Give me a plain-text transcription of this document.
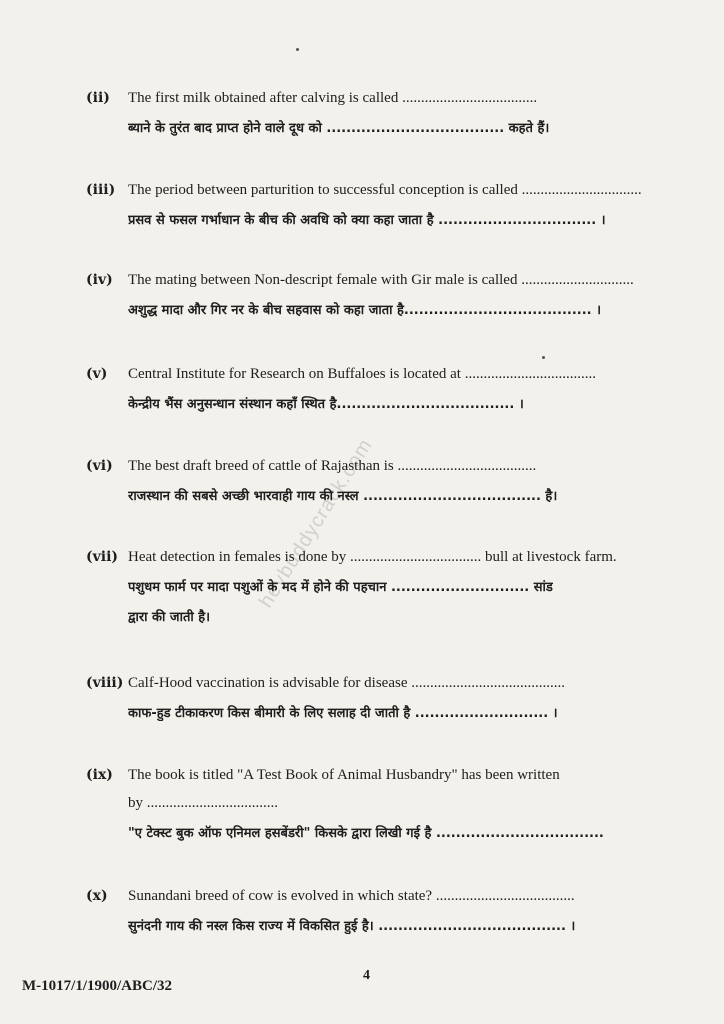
heybuddycrack.com
(ii) The first milk obtained after calving is called ....................................
ब्याने के तुरंत बाद प्राप्त होने वाले दूध को .................................... कहते हैं।
(iii) The period between parturition to successful conception is called ................................
प्रसव से फसल गर्भाधान के बीच की अवधि को क्या कहा जाता है ................................ ।
(iv) The mating between Non-descript female with Gir male is called ..............................
अशुद्ध मादा और गिर नर के बीच सहवास को कहा जाता है...................................... ।
(v) Central Institute for Research on Buffaloes is located at ...................................
केन्द्रीय भैंस अनुसन्धान संस्थान कहाँ स्थित है.................................... ।
(vi) The best draft breed of cattle of Rajasthan is .....................................
राजस्थान की सबसे अच्छी भारवाही गाय की नस्ल .................................... है।
(vii) Heat detection in females is done by ................................... bull at livestock farm.
पशुधम फार्म पर मादा पशुओं के मद में होने की पहचान ............................ सांड
द्वारा की जाती है।
(viii) Calf-Hood vaccination is advisable for disease .........................................
काफ-हुड टीकाकरण किस बीमारी के लिए सलाह दी जाती है ........................... ।
(ix) The book is titled "A Test Book of Animal Husbandry" has been written
by ...................................
"ए टेक्स्ट बुक ऑफ एनिमल हसबेंडरी" किसके द्वारा लिखी गई है ..................................
(x) Sunandani breed of cow is evolved in which state? .....................................
सुनंदनी गाय की नस्ल किस राज्य में विकसित हुई है। ...................................... ।
4
M-1017/1/1900/ABC/32
